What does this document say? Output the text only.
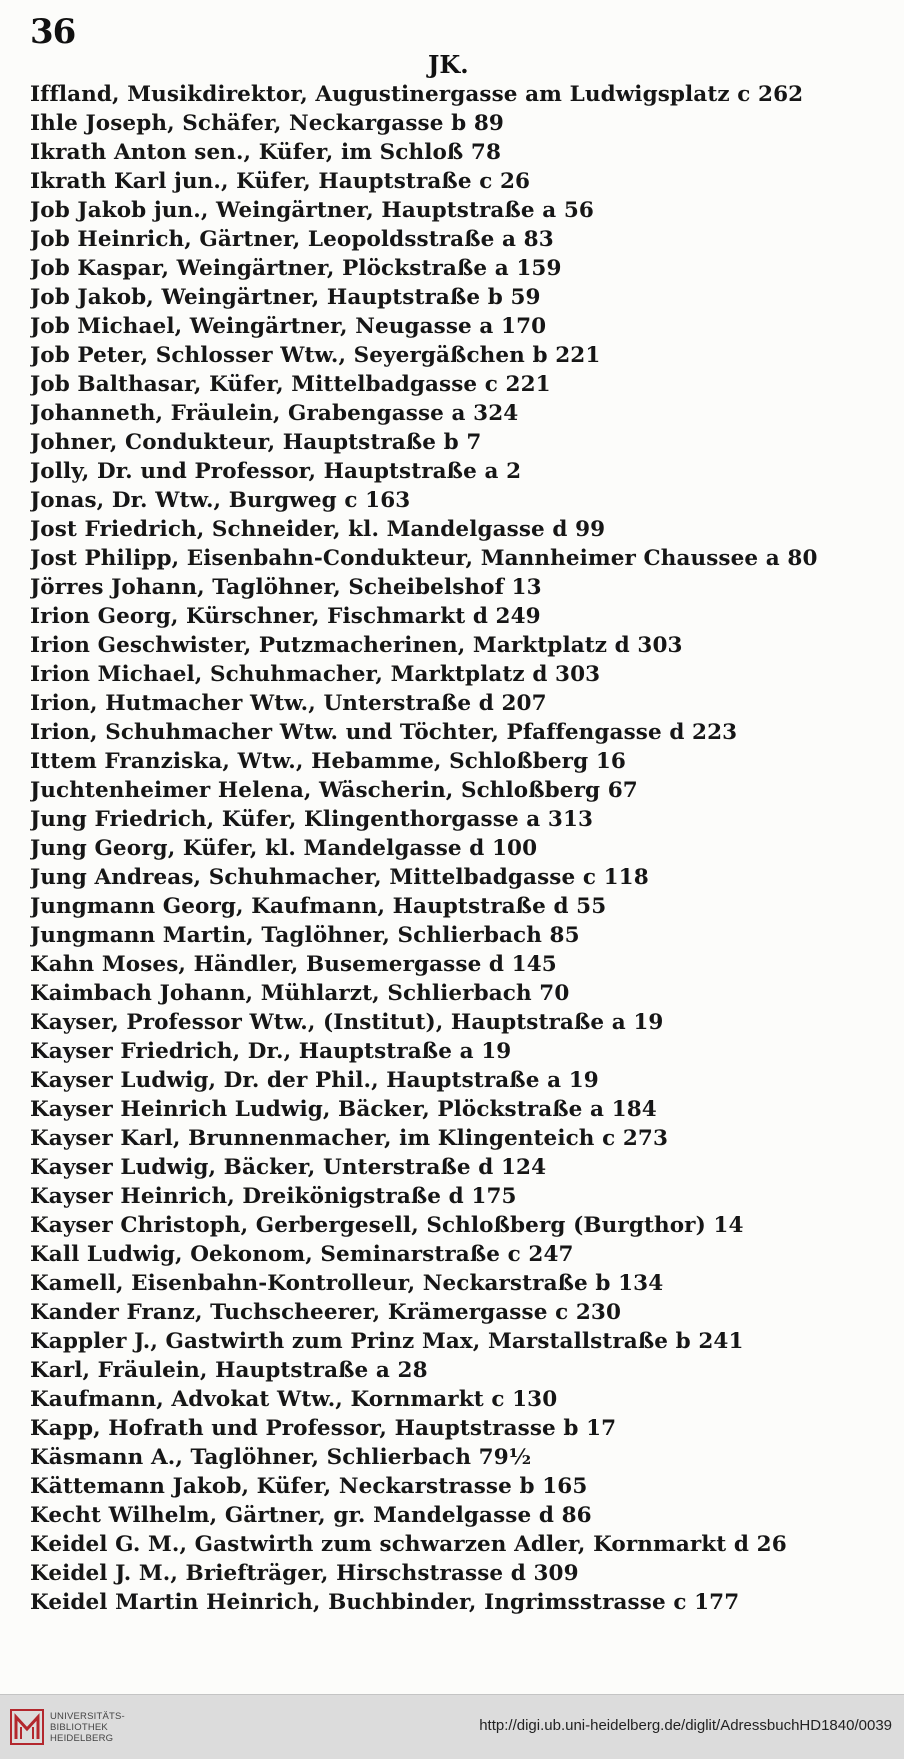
36
JK.
Iffland, Musikdirektor, Augustinergasse am Ludwigsplatz c 262
Ihle Joseph, Schäfer, Neckargasse b 89
Ikrath Anton sen., Küfer, im Schloß 78
Ikrath Karl jun., Küfer, Hauptstraße c 26
Job Jakob jun., Weingärtner, Hauptstraße a 56
Job Heinrich, Gärtner, Leopoldsstraße a 83
Job Kaspar, Weingärtner, Plöckstraße a 159
Job Jakob, Weingärtner, Hauptstraße b 59
Job Michael, Weingärtner, Neugasse a 170
Job Peter, Schlosser Wtw., Seyergäßchen b 221
Job Balthasar, Küfer, Mittelbadgasse c 221
Johanneth, Fräulein, Grabengasse a 324
Johner, Condukteur, Hauptstraße b 7
Jolly, Dr. und Professor, Hauptstraße a 2
Jonas, Dr. Wtw., Burgweg c 163
Jost Friedrich, Schneider, kl. Mandelgasse d 99
Jost Philipp, Eisenbahn-Condukteur, Mannheimer Chaussee a 80
Jörres Johann, Taglöhner, Scheibelshof 13
Irion Georg, Kürschner, Fischmarkt d 249
Irion Geschwister, Putzmacherinen, Marktplatz d 303
Irion Michael, Schuhmacher, Marktplatz d 303
Irion, Hutmacher Wtw., Unterstraße d 207
Irion, Schuhmacher Wtw. und Töchter, Pfaffengasse d 223
Ittem Franziska, Wtw., Hebamme, Schloßberg 16
Juchtenheimer Helena, Wäscherin, Schloßberg 67
Jung Friedrich, Küfer, Klingenthorgasse a 313
Jung Georg, Küfer, kl. Mandelgasse d 100
Jung Andreas, Schuhmacher, Mittelbadgasse c 118
Jungmann Georg, Kaufmann, Hauptstraße d 55
Jungmann Martin, Taglöhner, Schlierbach 85
Kahn Moses, Händler, Busemergasse d 145
Kaimbach Johann, Mühlarzt, Schlierbach 70
Kayser, Professor Wtw., (Institut), Hauptstraße a 19
Kayser Friedrich, Dr., Hauptstraße a 19
Kayser Ludwig, Dr. der Phil., Hauptstraße a 19
Kayser Heinrich Ludwig, Bäcker, Plöckstraße a 184
Kayser Karl, Brunnenmacher, im Klingenteich c 273
Kayser Ludwig, Bäcker, Unterstraße d 124
Kayser Heinrich, Dreikönigstraße d 175
Kayser Christoph, Gerbergesell, Schloßberg (Burgthor) 14
Kall Ludwig, Oekonom, Seminarstraße c 247
Kamell, Eisenbahn-Kontrolleur, Neckarstraße b 134
Kander Franz, Tuchscheerer, Krämergasse c 230
Kappler J., Gastwirth zum Prinz Max, Marstallstraße b 241
Karl, Fräulein, Hauptstraße a 28
Kaufmann, Advokat Wtw., Kornmarkt c 130
Kapp, Hofrath und Professor, Hauptstrasse b 17
Käsmann A., Taglöhner, Schlierbach 79½
Kättemann Jakob, Küfer, Neckarstrasse b 165
Kecht Wilhelm, Gärtner, gr. Mandelgasse d 86
Keidel G. M., Gastwirth zum schwarzen Adler, Kornmarkt d 26
Keidel J. M., Briefträger, Hirschstrasse d 309
Keidel Martin Heinrich, Buchbinder, Ingrimsstrasse c 177
UNIVERSITÄTS-
BIBLIOTHEK
HEIDELBERG
http://digi.ub.uni-heidelberg.de/diglit/AdressbuchHD1840/0039
